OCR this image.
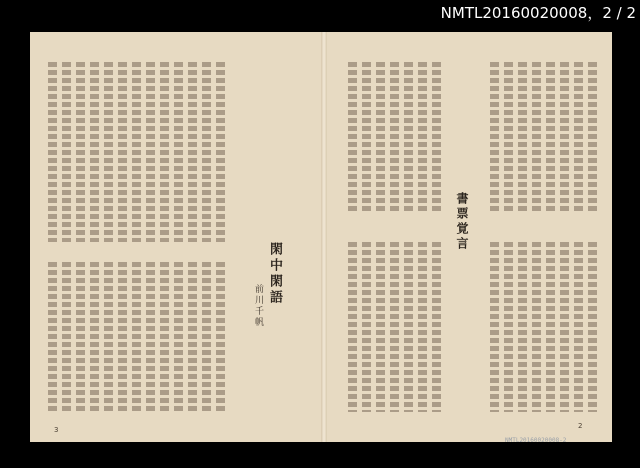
NMTL20160020008，2 / 2
閑中閑語
前川千帆
3
書票覚言
2
NMTL20160020008-2
